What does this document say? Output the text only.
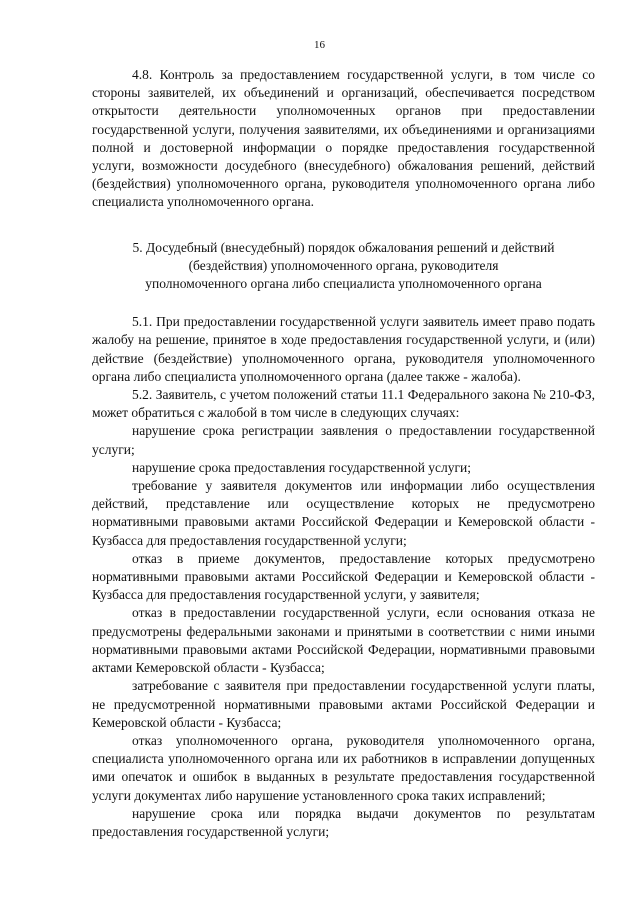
16

4.8. Контроль за предоставлением государственной услуги, в том числе со стороны заявителей, их объединений и организаций, обеспечивается посредством открытости деятельности уполномоченных органов при предоставлении государственной услуги, получения заявителями, их объединениями и организациями полной и достоверной информации о порядке предоставления государственной услуги, возможности досудебного (внесудебного) обжалования решений, действий (бездействия) уполномоченного органа, руководителя уполномоченного органа либо специалиста уполномоченного органа.

5. Досудебный (внесудебный) порядок обжалования решений и действий
(бездействия) уполномоченного органа, руководителя
уполномоченного органа либо специалиста уполномоченного органа

5.1. При предоставлении государственной услуги заявитель имеет право подать жалобу на решение, принятое в ходе предоставления государственной услуги, и (или) действие (бездействие) уполномоченного органа, руководителя уполномоченного органа либо специалиста уполномоченного органа (далее также - жалоба).

5.2. Заявитель, с учетом положений статьи 11.1 Федерального закона № 210-ФЗ, может обратиться с жалобой в том числе в следующих случаях:

нарушение срока регистрации заявления о предоставлении государственной услуги;

нарушение срока предоставления государственной услуги;

требование у заявителя документов или информации либо осуществления действий, представление или осуществление которых не предусмотрено нормативными правовыми актами Российской Федерации и Кемеровской области - Кузбасса для предоставления государственной услуги;

отказ в приеме документов, предоставление которых предусмотрено нормативными правовыми актами Российской Федерации и Кемеровской области - Кузбасса для предоставления государственной услуги, у заявителя;

отказ в предоставлении государственной услуги, если основания отказа не предусмотрены федеральными законами и принятыми в соответствии с ними иными нормативными правовыми актами Российской Федерации, нормативными правовыми актами Кемеровской области - Кузбасса;

затребование с заявителя при предоставлении государственной услуги платы, не предусмотренной нормативными правовыми актами Российской Федерации и Кемеровской области - Кузбасса;

отказ уполномоченного органа, руководителя уполномоченного органа, специалиста уполномоченного органа или их работников в исправлении допущенных ими опечаток и ошибок в выданных в результате предоставления государственной услуги документах либо нарушение установленного срока таких исправлений;

нарушение срока или порядка выдачи документов по результатам предоставления государственной услуги;
